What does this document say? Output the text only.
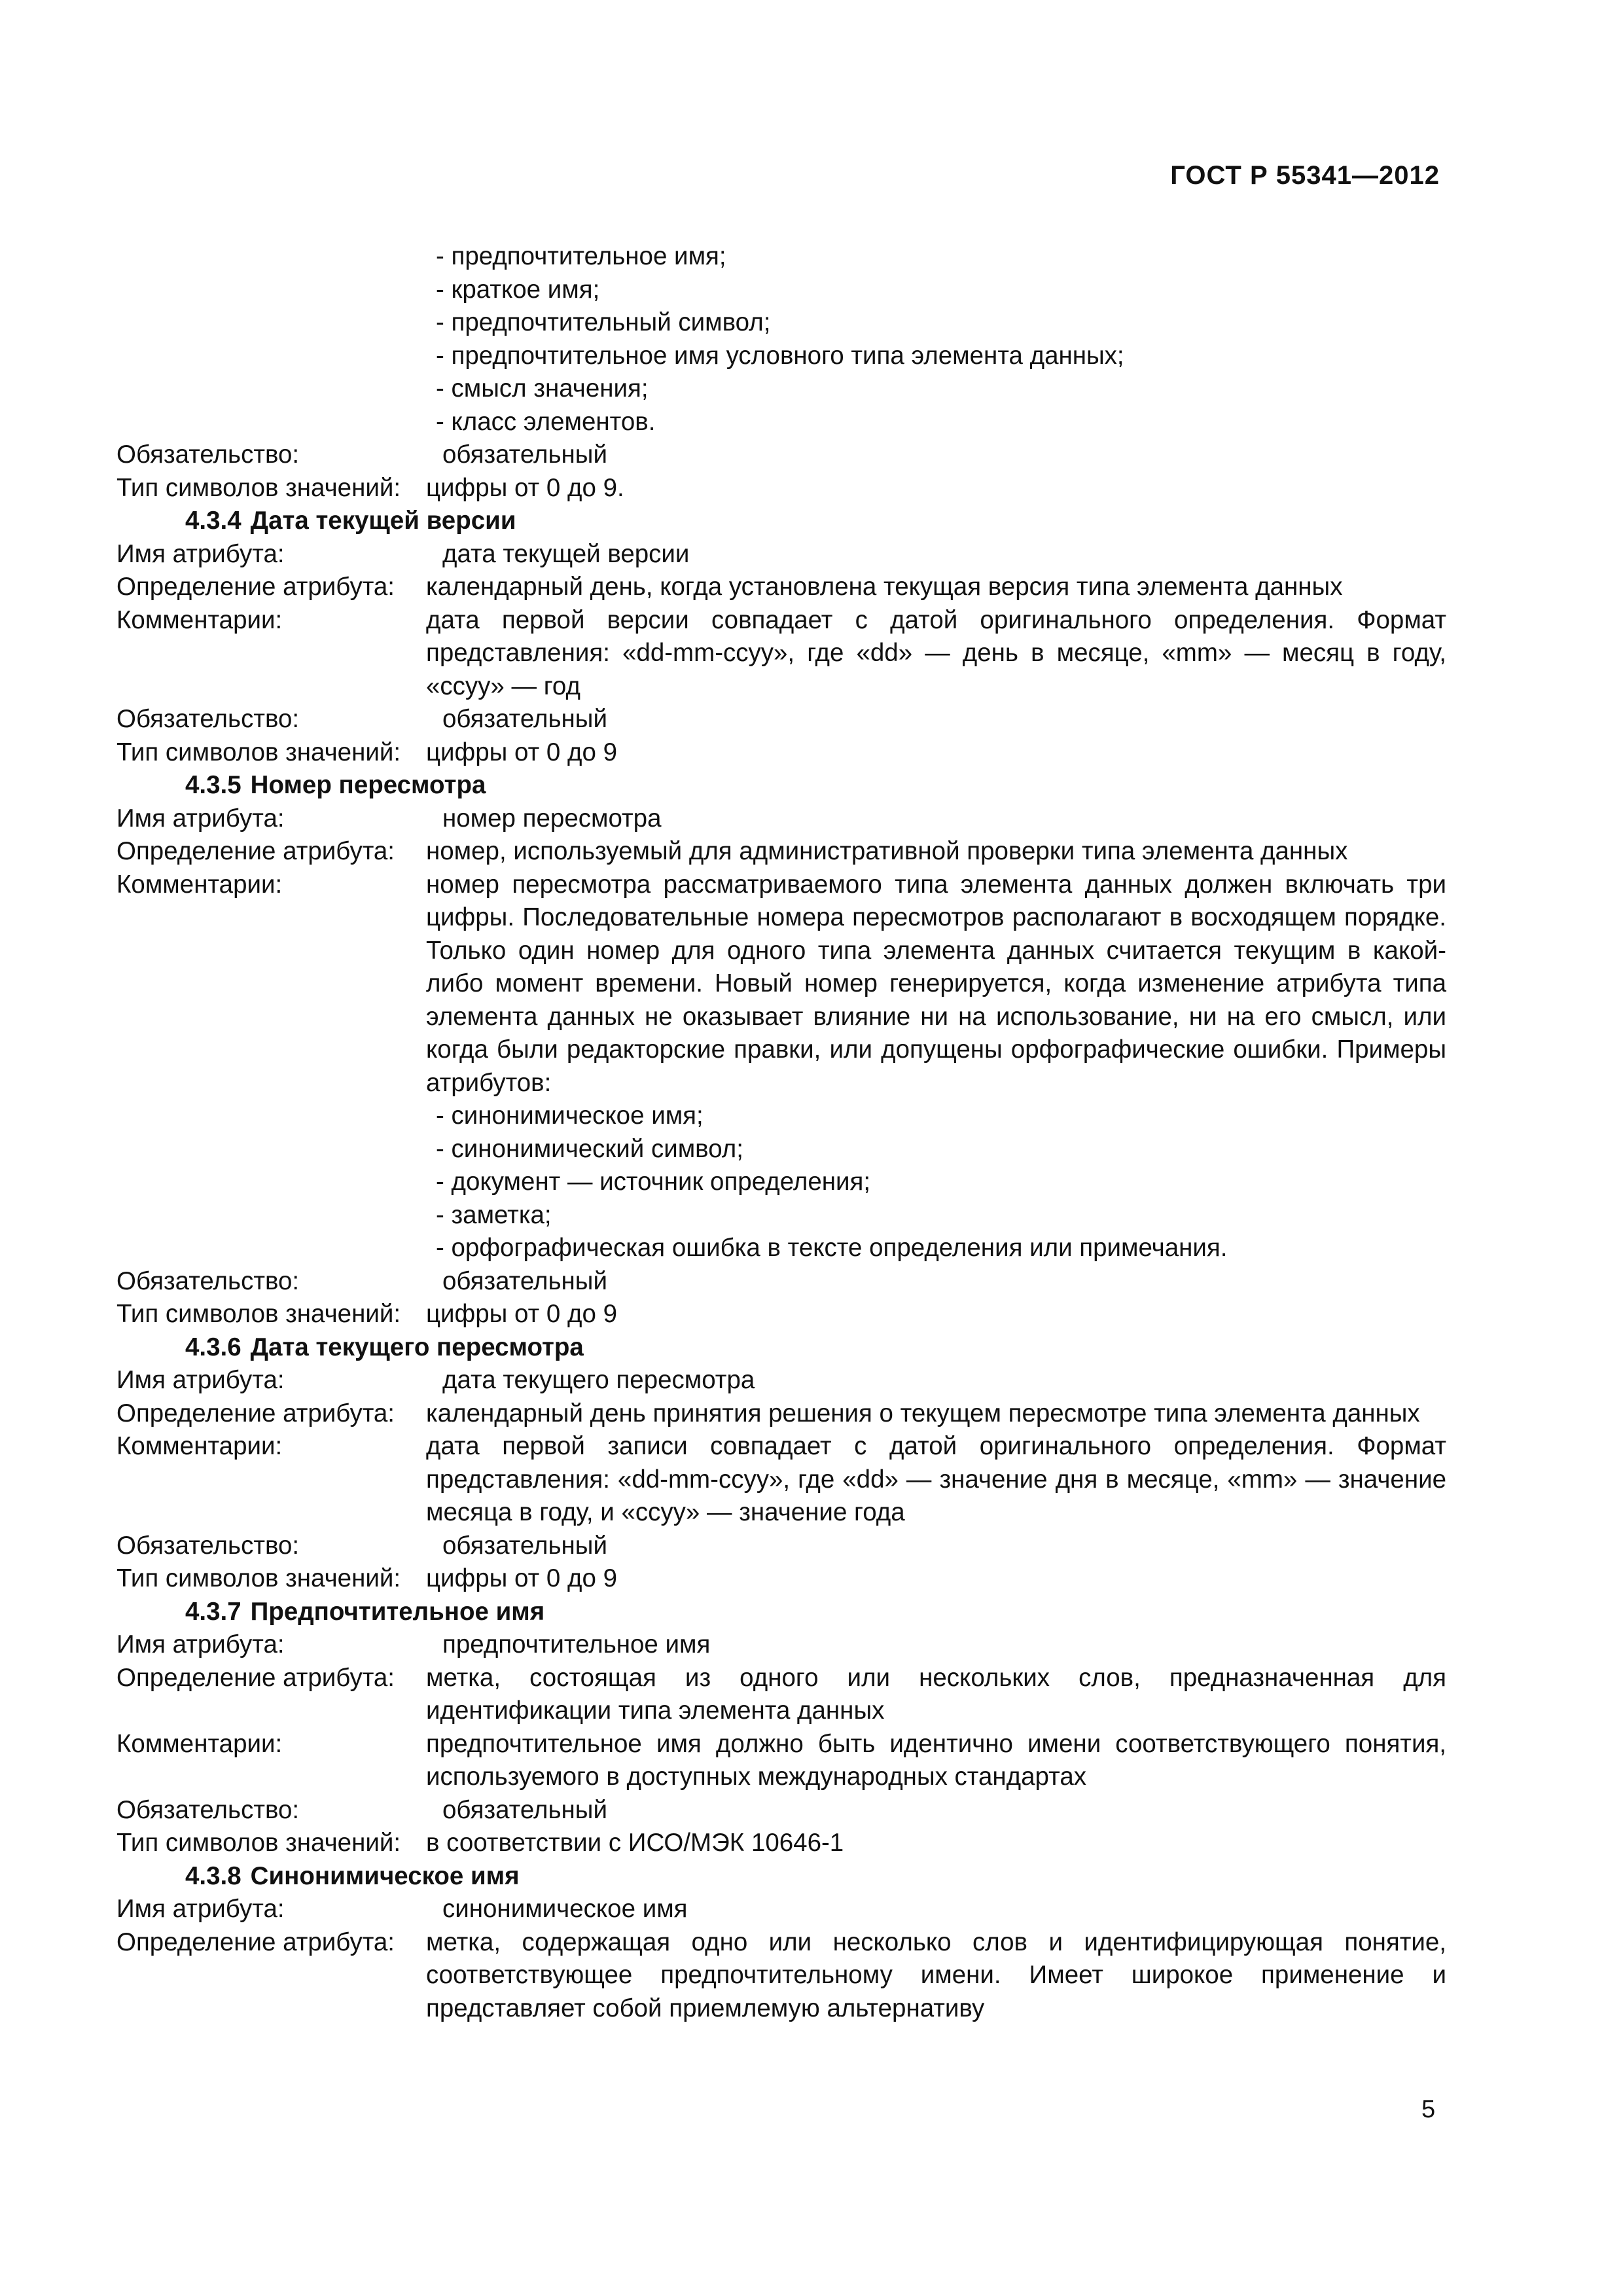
ГОСТ Р 55341—2012
- предпочтительное имя;
- краткое имя;
- предпочтительный символ;
- предпочтительное имя условного типа элемента данных;
- смысл значения;
- класс элементов.
Обязательство:	обязательный
Тип символов значений:	цифры от 0 до 9.
4.3.4 Дата текущей версии
Имя атрибута:	дата текущей версии
Определение атрибута:	календарный день, когда установлена текущая версия типа элемента данных
Комментарии:	дата первой версии совпадает с датой оригинального определения. Формат представления: «dd-mm-ccyy», где «dd» — день в месяце, «mm» — месяц в году, «ccyy» — год
Обязательство:	обязательный
Тип символов значений:	цифры от 0 до 9
4.3.5 Номер пересмотра
Имя атрибута:	номер пересмотра
Определение атрибута:	номер, используемый для административной проверки типа элемента данных
Комментарии:	номер пересмотра рассматриваемого типа элемента данных должен включать три цифры. Последовательные номера пересмотров располагают в восходящем порядке. Только один номер для одного типа элемента данных считается текущим в какой-либо момент времени. Новый номер генерируется, когда изменение атрибута типа элемента данных не оказывает влияние ни на использование, ни на его смысл, или когда были редакторские правки, или допущены орфографические ошибки. Примеры атрибутов:
- синонимическое имя;
- синонимический символ;
- документ — источник определения;
- заметка;
- орфографическая ошибка в тексте определения или примечания.
Обязательство:	обязательный
Тип символов значений:	цифры от 0 до 9
4.3.6 Дата текущего пересмотра
Имя атрибута:	дата текущего пересмотра
Определение атрибута:	календарный день принятия решения о текущем пересмотре типа элемента данных
Комментарии:	дата первой записи совпадает с датой оригинального определения. Формат представления: «dd-mm-ccyy», где «dd» — значение дня в месяце, «mm» — значение месяца в году, и «ccyy» — значение года
Обязательство:	обязательный
Тип символов значений:	цифры от 0 до 9
4.3.7 Предпочтительное имя
Имя атрибута:	предпочтительное имя
Определение атрибута:	метка, состоящая из одного или нескольких слов, предназначенная для идентификации типа элемента данных
Комментарии:	предпочтительное имя должно быть идентично имени соответствующего понятия, используемого в доступных международных стандартах
Обязательство:	обязательный
Тип символов значений:	в соответствии с ИСО/МЭК 10646-1
4.3.8 Синонимическое имя
Имя атрибута:	синонимическое имя
Определение атрибута:	метка, содержащая одно или несколько слов и идентифицирующая понятие, соответствующее предпочтительному имени. Имеет широкое применение и представляет собой приемлемую альтернативу
5
